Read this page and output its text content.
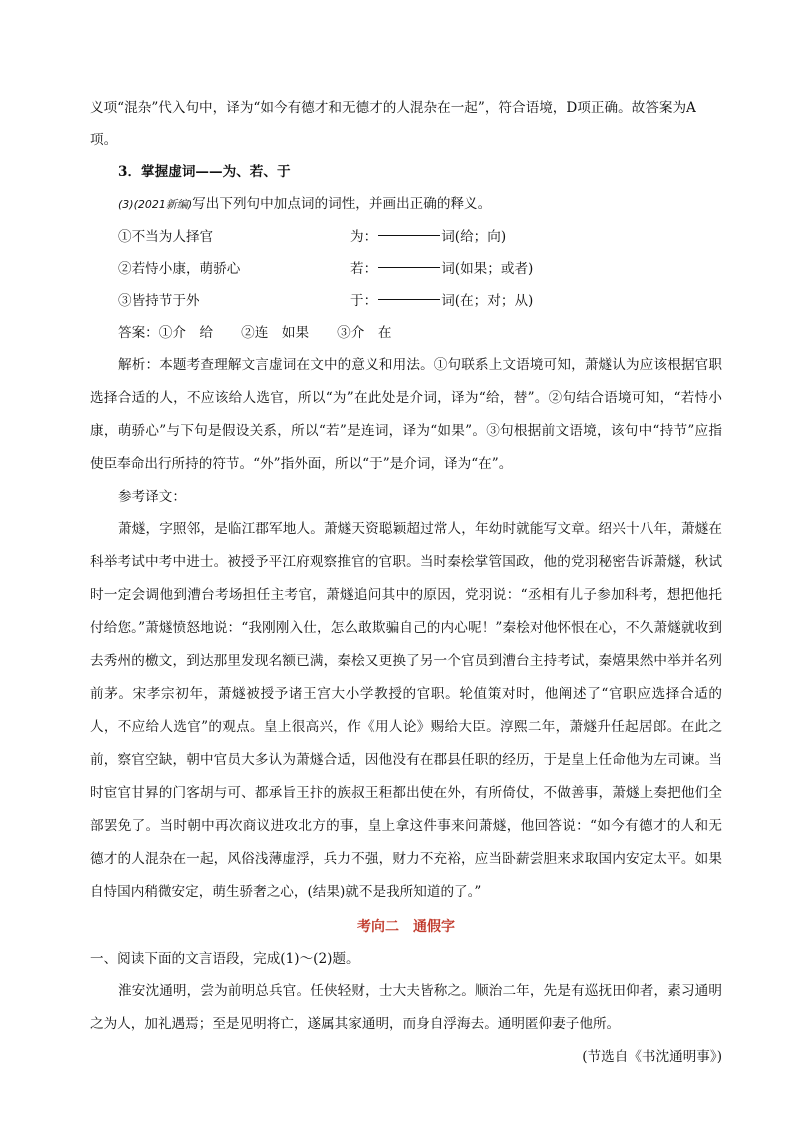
义项“混杂”代入句中，译为“如今有德才和无德才的人混杂在一起”，符合语境，D项正确。故答案为A
项。
3．掌握虚词——为、若、于
(3)(2021新编)写出下列句中加点词的词性，并画出正确的释义。
①不当为人择官	为：	词(给；向)
②若恃小康，萌骄心	若：	词(如果；或者)
③皆持节于外	于：	词(在；对；从)
答案：①介　给 ②连　如果 ③介　在
解析：本题考查理解文言虚词在文中的意义和用法。①句联系上文语境可知，萧燧认为应该根据官职选择合适的人，不应该给人选官，所以“为”在此处是介词，译为“给，替”。②句结合语境可知，“若恃小康，萌骄心”与下句是假设关系，所以“若”是连词，译为“如果”。③句根据前文语境，该句中“持节”应指使臣奉命出行所持的符节。“外”指外面，所以“于”是介词，译为“在”。
参考译文：
萧燧，字照邻，是临江郡军地人。萧燧天资聪颖超过常人，年幼时就能写文章。绍兴十八年，萧燧在科举考试中考中进士。被授予平江府观察推官的官职。当时秦桧掌管国政，他的党羽秘密告诉萧燧，秋试时一定会调他到漕台考场担任主考官，萧燧追问其中的原因，党羽说：“丞相有儿子参加科考，想把他托付给您。”萧燧愤怒地说：“我刚刚入仕，怎么敢欺骗自己的内心呢！”秦桧对他怀恨在心，不久萧燧就收到去秀州的檄文，到达那里发现名额已满，秦桧又更换了另一个官员到漕台主持考试，秦熺果然中举并名列前茅。宋孝宗初年，萧燧被授予诸王宫大小学教授的官职。轮值策对时，他阐述了“官职应选择合适的人，不应给人选官”的观点。皇上很高兴，作《用人论》赐给大臣。淳熙二年，萧燧升任起居郎。在此之前，察官空缺，朝中官员大多认为萧燧合适，因他没有在郡县任职的经历，于是皇上任命他为左司谏。当时宦官甘昪的门客胡与可、都承旨王抃的族叔王秬都出使在外，有所倚仗，不做善事，萧燧上奏把他们全部罢免了。当时朝中再次商议进攻北方的事，皇上拿这件事来问萧燧，他回答说：“如今有德才的人和无德才的人混杂在一起，风俗浅薄虚浮，兵力不强，财力不充裕，应当卧薪尝胆来求取国内安定太平。如果自恃国内稍微安定，萌生骄奢之心，(结果)就不是我所知道的了。”
考向二　通假字
一、阅读下面的文言语段，完成(1)～(2)题。
淮安沈通明，尝为前明总兵官。任侠轻财，士大夫皆称之。顺治二年，先是有巡抚田仰者，素习通明之为人，加礼遇焉；至是见明将亡，遂属其家通明，而身自浮海去。通明匿仰妻子他所。
(节选自《书沈通明事》)
